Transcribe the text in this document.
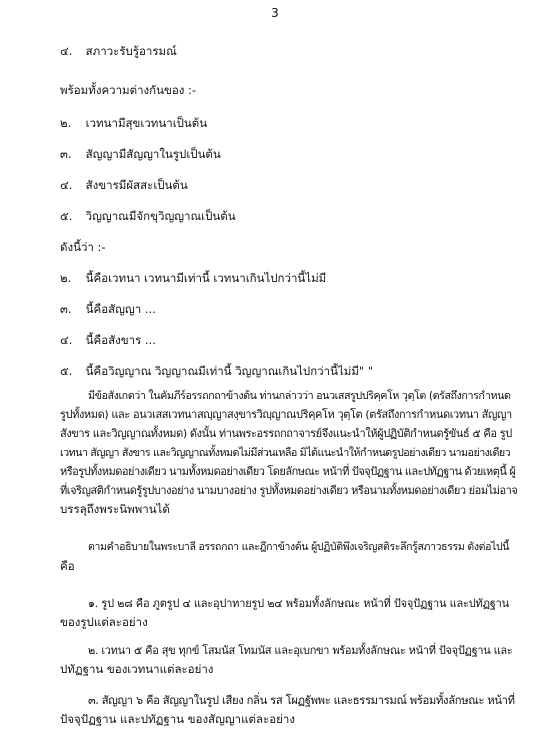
3
๔. สภาวะรับรู้อารมณ์
พร้อมทั้งความต่างกันของ :-
๒. เวทนามีสุขเวทนาเป็นต้น
๓. สัญญามีสัญญาในรูปเป็นต้น
๔. สังขารมีผัสสะเป็นต้น
๕. วิญญาณมีจักขุวิญญาณเป็นต้น
ดังนี้ว่า :-
๒. นี้คือเวทนา เวทนามีเท่านี้ เวทนาเกินไปกว่านี้ไม่มี
๓. นี้คือสัญญา ...
๔. นี้คือสังขาร ...
๕. นี้คือวิญญาณ วิญญาณมีเท่านี้ วิญญาณเกินไปกว่านี้ไม่มี" "
มีข้อสังเกตว่า ในคัมภีร์อรรถกถาข้างต้น ท่านกล่าวว่า อนวเสสรูปปริคฺคโห วุตฺโต (ตรัสถึงการกำหนด
รูปทั้งหมด) และ อนวเสสเวทนาสญฺญาสงฺขารวิญฺญาณปริคฺคโห วุตฺโต (ตรัสถึงการกำหนดเวทนา สัญญา
สังขาร และวิญญาณทั้งหมด) ดังนั้น ท่านพระอรรถกถาจารย์จึงแนะนำให้ผู้ปฏิบัติกำหนดรู้ขันธ์ ๕ คือ รูป
เวทนา สัญญา สังขาร และวิญญาณทั้งหมดไม่มีส่วนเหลือ มิได้แนะนำให้กำหนดรูปอย่างเดียว นามอย่างเดียว
หรือรูปทั้งหมดอย่างเดียว นามทั้งหมดอย่างเดียว โดยลักษณะ หน้าที่ ปัจจุปัฏฐาน และปทัฏฐาน ด้วยเหตุนี้ ผู้
ที่เจริญสติกำหนดรู้รูปบางอย่าง นามบางอย่าง รูปทั้งหมดอย่างเดียว หรือนามทั้งหมดอย่างเดียว ย่อมไม่อาจ
บรรลุถึงพระนิพพานได้
ตามคำอธิบายในพระบาลี อรรถกถา และฎีกาข้างต้น ผู้ปฏิบัติพึงเจริญสติระลึกรู้สภาวธรรม ดังต่อไปนี้
คือ
๑. รูป ๒๘ คือ ภูตรูป ๔ และอุปาทายรูป ๒๔ พร้อมทั้งลักษณะ หน้าที่ ปัจจุปัฏฐาน และปทัฏฐาน
ของรูปแต่ละอย่าง
๒. เวทนา ๕ คือ สุข ทุกข์ โสมนัส โทมนัส และอุเบกขา พร้อมทั้งลักษณะ หน้าที่ ปัจจุปัฏฐาน และ
ปทัฏฐาน ของเวทนาแต่ละอย่าง
๓. สัญญา ๖ คือ สัญญาในรูป เสียง กลิ่น รส โผฏฐัพพะ และธรรมารมณ์ พร้อมทั้งลักษณะ หน้าที่
ปัจจุปัฏฐาน และปทัฏฐาน ของสัญญาแต่ละอย่าง
